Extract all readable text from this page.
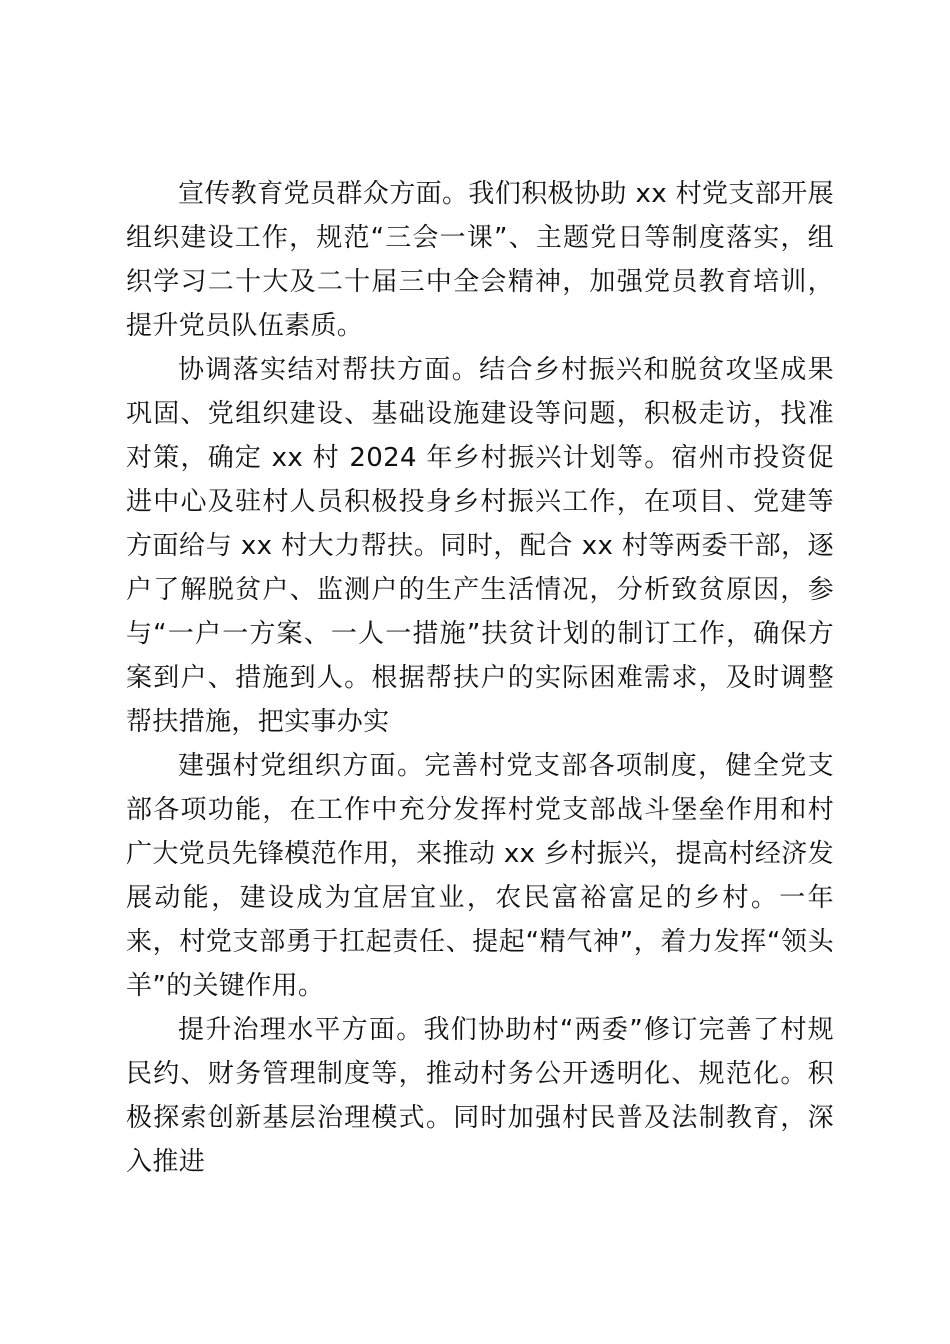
宣传教育党员群众方面。我们积极协助 xx 村党支部开展组织建设工作，规范“三会一课”、主题党日等制度落实，组织学习二十大及二十届三中全会精神，加强党员教育培训，提升党员队伍素质。

协调落实结对帮扶方面。结合乡村振兴和脱贫攻坚成果巩固、党组织建设、基础设施建设等问题，积极走访，找准对策，确定 xx 村 2024 年乡村振兴计划等。宿州市投资促进中心及驻村人员积极投身乡村振兴工作，在项目、党建等方面给与 xx 村大力帮扶。同时，配合 xx 村等两委干部，逐户了解脱贫户、监测户的生产生活情况，分析致贫原因，参与“一户一方案、一人一措施”扶贫计划的制订工作，确保方案到户、措施到人。根据帮扶户的实际困难需求，及时调整帮扶措施，把实事办实

建强村党组织方面。完善村党支部各项制度，健全党支部各项功能，在工作中充分发挥村党支部战斗堡垒作用和村广大党员先锋模范作用，来推动 xx 乡村振兴，提高村经济发展动能，建设成为宜居宜业，农民富裕富足的乡村。一年来，村党支部勇于扛起责任、提起“精气神”，着力发挥“领头羊”的关键作用。

提升治理水平方面。我们协助村“两委”修订完善了村规民约、财务管理制度等，推动村务公开透明化、规范化。积极探索创新基层治理模式。同时加强村民普及法制教育，深入推进
